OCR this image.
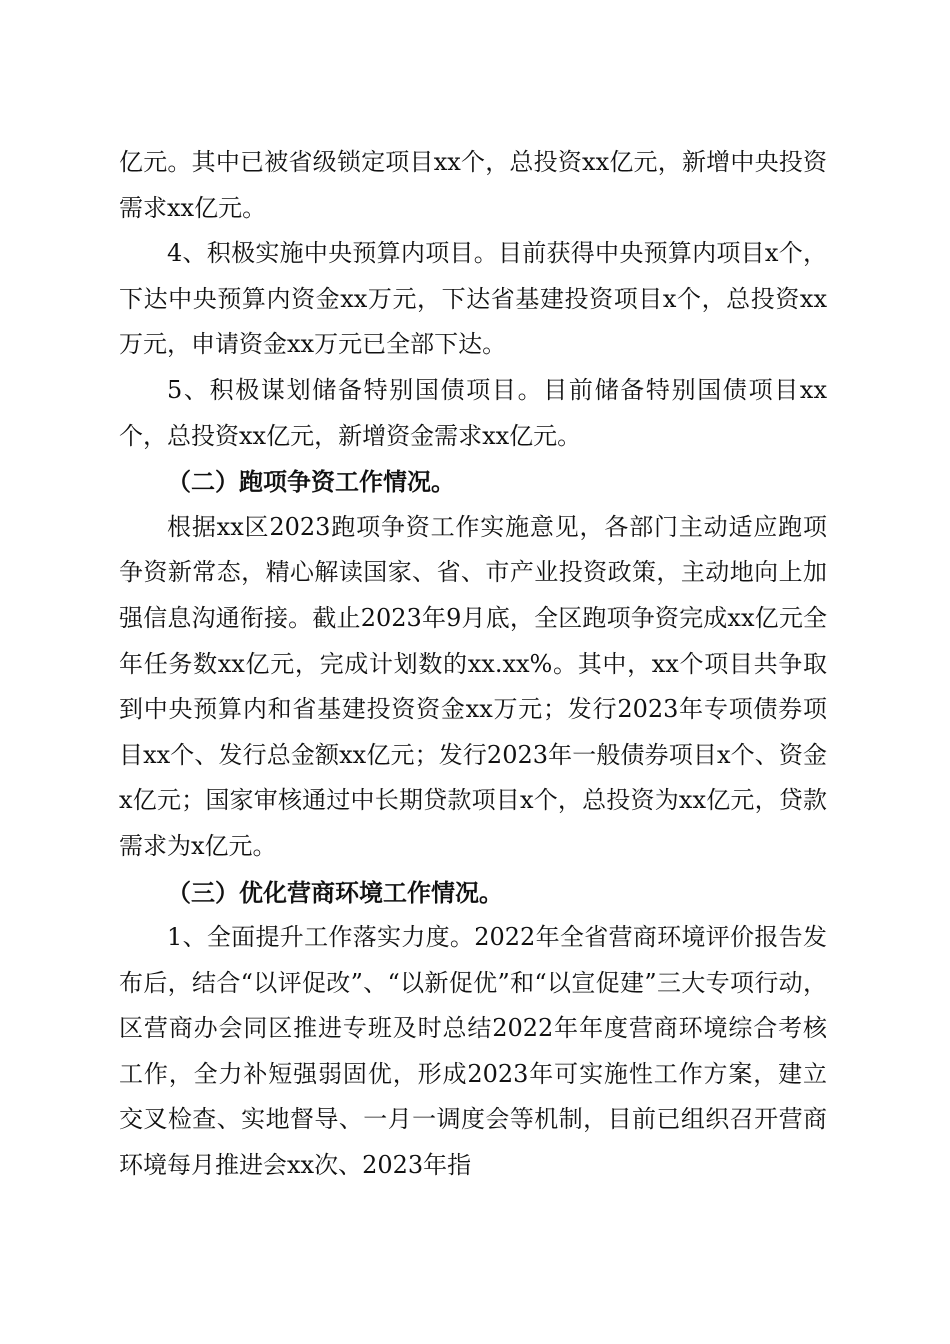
亿元。其中已被省级锁定项目xx个，总投资xx亿元，新增中央投资需求xx亿元。

4、积极实施中央预算内项目。目前获得中央预算内项目x个，下达中央预算内资金xx万元，下达省基建投资项目x个，总投资xx万元，申请资金xx万元已全部下达。

5、积极谋划储备特别国债项目。目前储备特别国债项目xx个，总投资xx亿元，新增资金需求xx亿元。

（二）跑项争资工作情况。

根据xx区2023跑项争资工作实施意见，各部门主动适应跑项争资新常态，精心解读国家、省、市产业投资政策，主动地向上加强信息沟通衔接。截止2023年9月底，全区跑项争资完成xx亿元全年任务数xx亿元，完成计划数的xx.xx%。其中，xx个项目共争取到中央预算内和省基建投资资金xx万元；发行2023年专项债券项目xx个、发行总金额xx亿元；发行2023年一般债券项目x个、资金x亿元；国家审核通过中长期贷款项目x个，总投资为xx亿元，贷款需求为x亿元。

（三）优化营商环境工作情况。

1、全面提升工作落实力度。2022年全省营商环境评价报告发布后，结合“以评促改”、“以新促优”和“以宣促建”三大专项行动，区营商办会同区推进专班及时总结2022年年度营商环境综合考核工作，全力补短强弱固优，形成2023年可实施性工作方案，建立交叉检查、实地督导、一月一调度会等机制，目前已组织召开营商环境每月推进会xx次、2023年指
